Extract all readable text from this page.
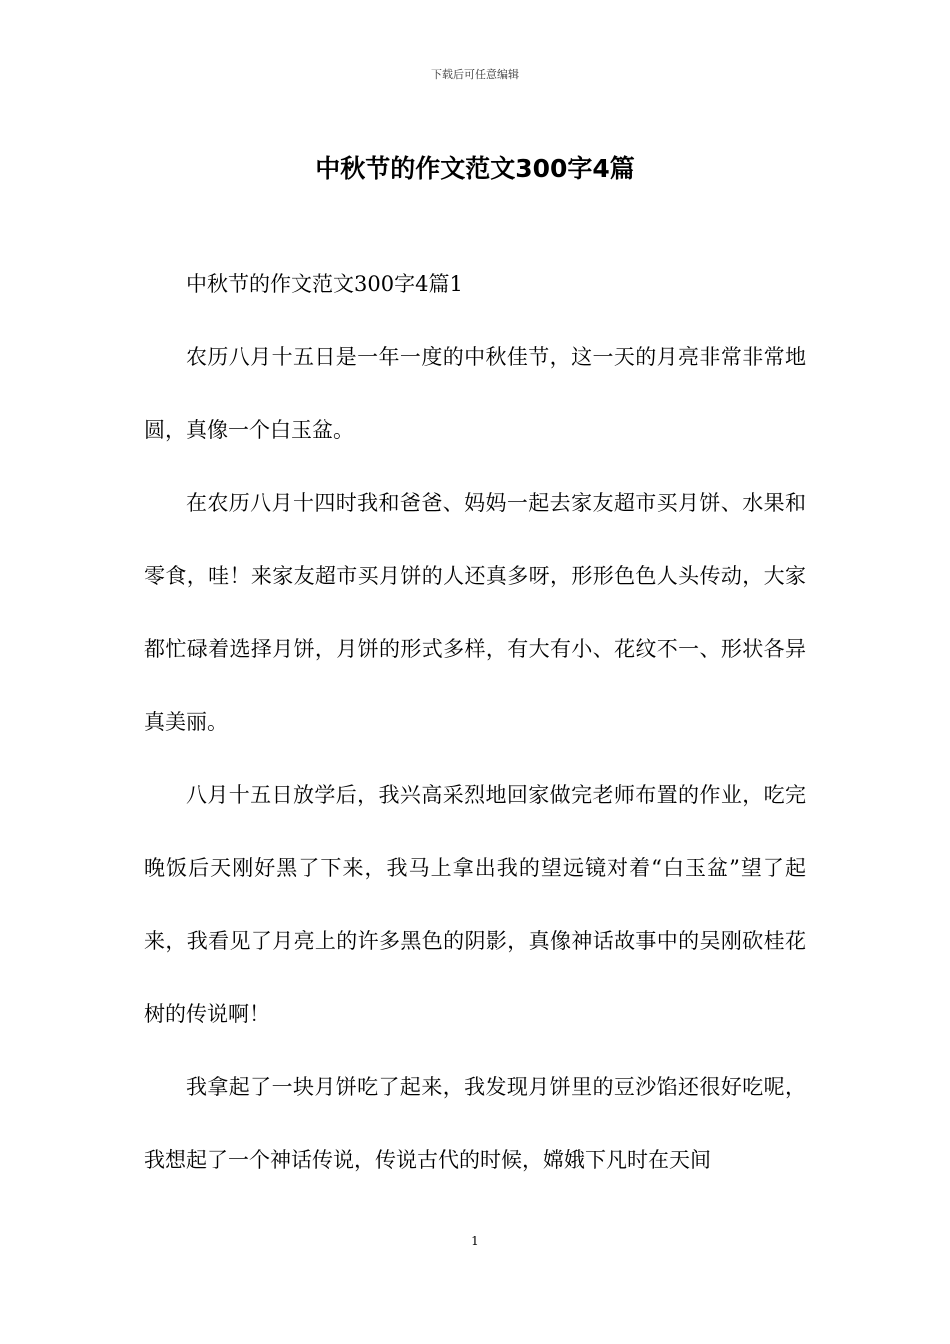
下载后可任意编辑
中秋节的作文范文300字4篇

中秋节的作文范文300字4篇1

农历八月十五日是一年一度的中秋佳节，这一天的月亮非常非常地圆，真像一个白玉盆。

在农历八月十四时我和爸爸、妈妈一起去家友超市买月饼、水果和零食，哇！来家友超市买月饼的人还真多呀，形形色色人头传动，大家都忙碌着选择月饼，月饼的形式多样，有大有小、花纹不一、形状各异真美丽。

八月十五日放学后，我兴高采烈地回家做完老师布置的作业，吃完晚饭后天刚好黑了下来，我马上拿出我的望远镜对着“白玉盆”望了起来，我看见了月亮上的许多黑色的阴影，真像神话故事中的吴刚砍桂花树的传说啊！

我拿起了一块月饼吃了起来，我发现月饼里的豆沙馅还很好吃呢，我想起了一个神话传说，传说古代的时候，嫦娥下凡时在天间

1
